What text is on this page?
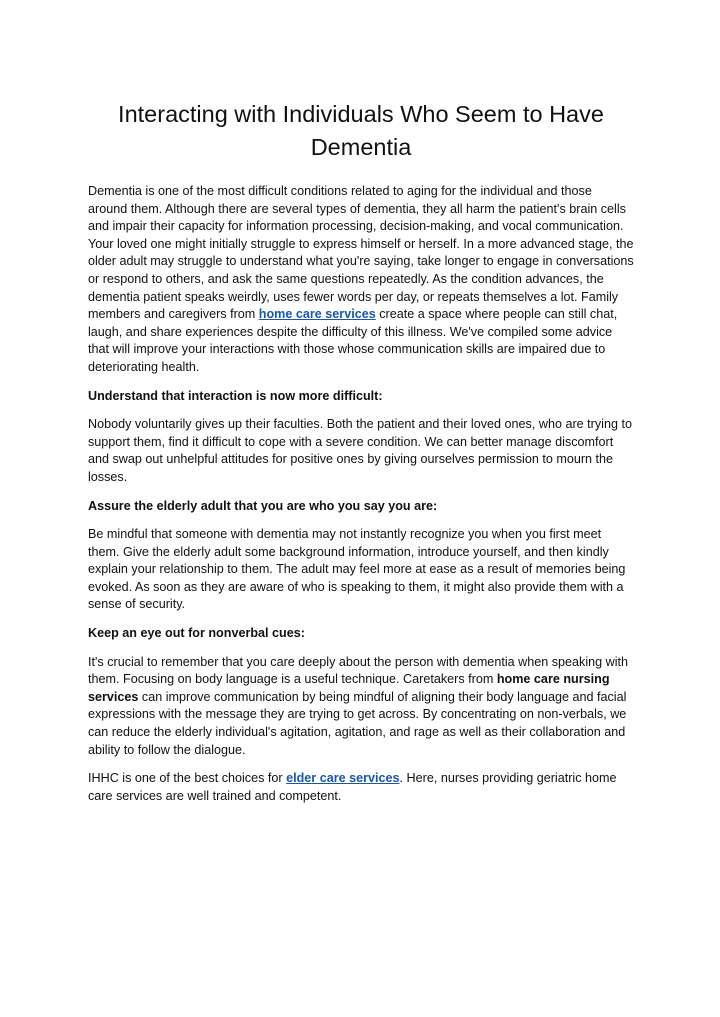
Interacting with Individuals Who Seem to Have Dementia

Dementia is one of the most difficult conditions related to aging for the individual and those around them. Although there are several types of dementia, they all harm the patient's brain cells and impair their capacity for information processing, decision-making, and vocal communication. Your loved one might initially struggle to express himself or herself. In a more advanced stage, the older adult may struggle to understand what you're saying, take longer to engage in conversations or respond to others, and ask the same questions repeatedly. As the condition advances, the dementia patient speaks weirdly, uses fewer words per day, or repeats themselves a lot. Family members and caregivers from home care services create a space where people can still chat, laugh, and share experiences despite the difficulty of this illness. We've compiled some advice that will improve your interactions with those whose communication skills are impaired due to deteriorating health.

Understand that interaction is now more difficult:

Nobody voluntarily gives up their faculties. Both the patient and their loved ones, who are trying to support them, find it difficult to cope with a severe condition. We can better manage discomfort and swap out unhelpful attitudes for positive ones by giving ourselves permission to mourn the losses.

Assure the elderly adult that you are who you say you are:

Be mindful that someone with dementia may not instantly recognize you when you first meet them. Give the elderly adult some background information, introduce yourself, and then kindly explain your relationship to them. The adult may feel more at ease as a result of memories being evoked. As soon as they are aware of who is speaking to them, it might also provide them with a sense of security.

Keep an eye out for nonverbal cues:

It's crucial to remember that you care deeply about the person with dementia when speaking with them. Focusing on body language is a useful technique. Caretakers from home care nursing services can improve communication by being mindful of aligning their body language and facial expressions with the message they are trying to get across. By concentrating on non-verbals, we can reduce the elderly individual's agitation, agitation, and rage as well as their collaboration and ability to follow the dialogue.

IHHC is one of the best choices for elder care services. Here, nurses providing geriatric home care services are well trained and competent.
